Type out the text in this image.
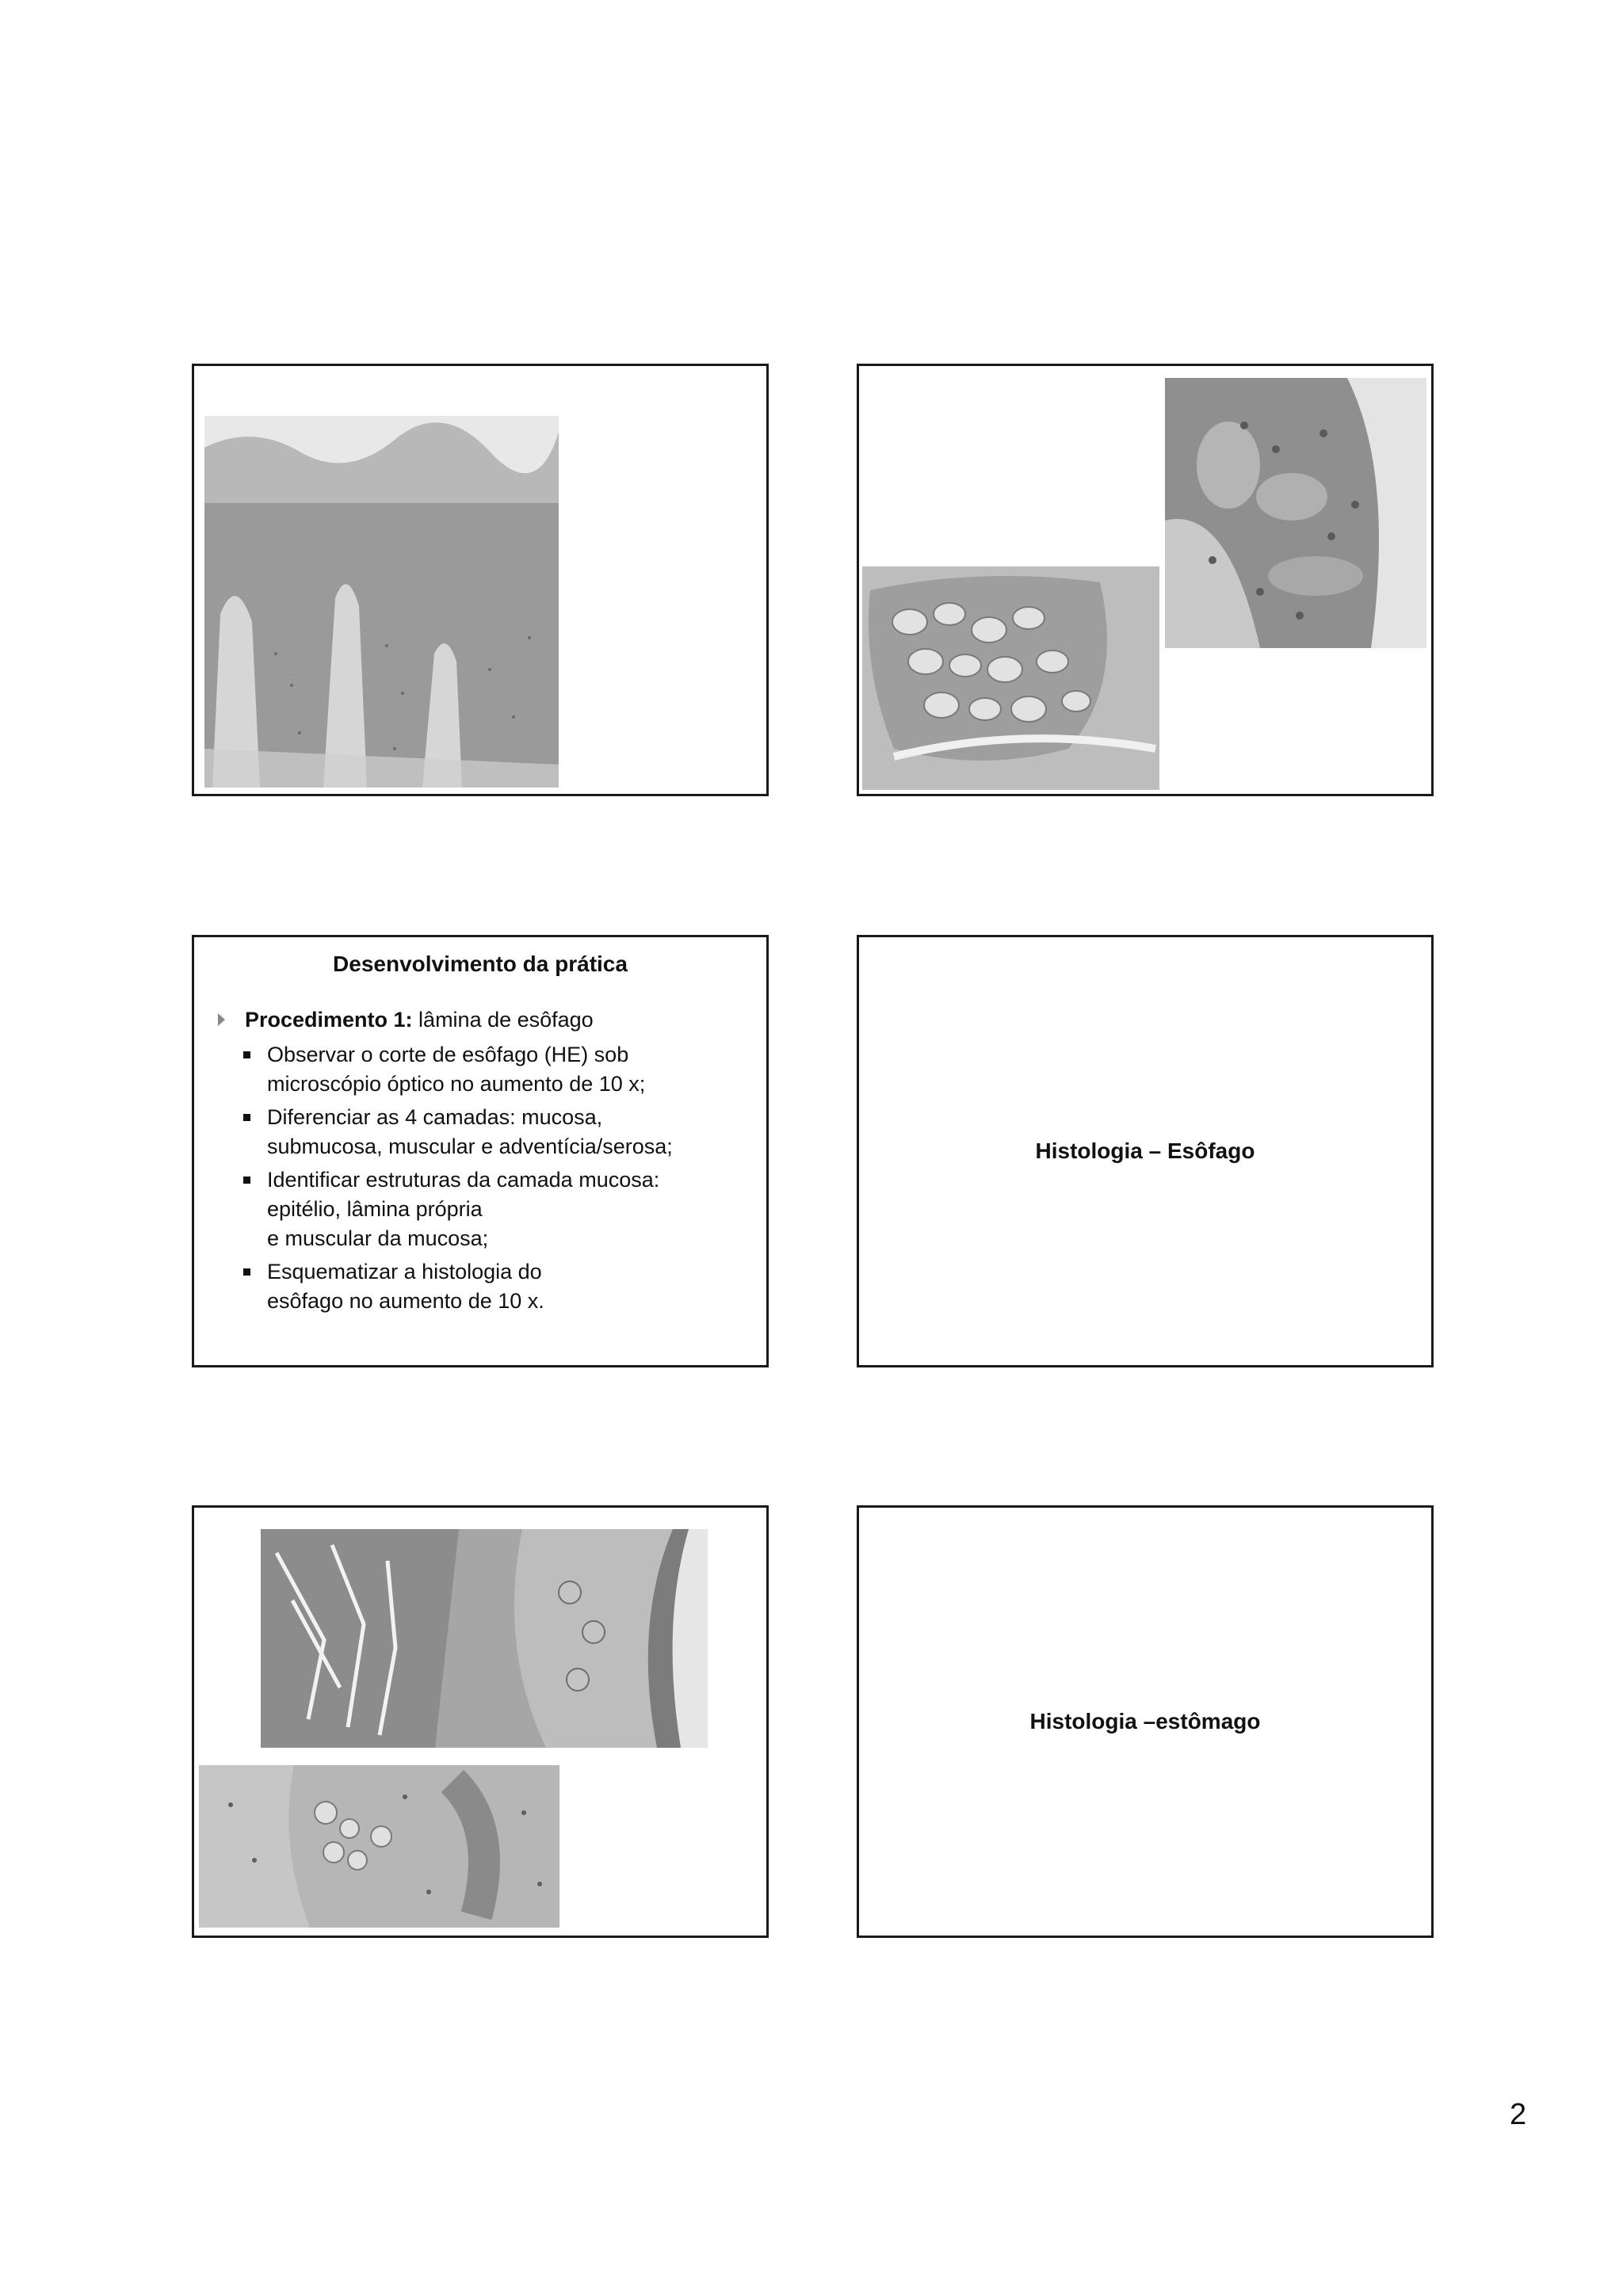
Desenvolvimento da prática
Procedimento 1: lâmina de esôfago
Observar o corte de esôfago (HE) sob
microscópio óptico no aumento de 10 x;
Diferenciar as 4 camadas: mucosa,
submucosa, muscular e adventícia/serosa;
Identificar estruturas da camada mucosa:
epitélio, lâmina própria
e muscular da mucosa;
Esquematizar a histologia do
esôfago no aumento de 10 x.
Histologia – Esôfago
Histologia –estômago
2
